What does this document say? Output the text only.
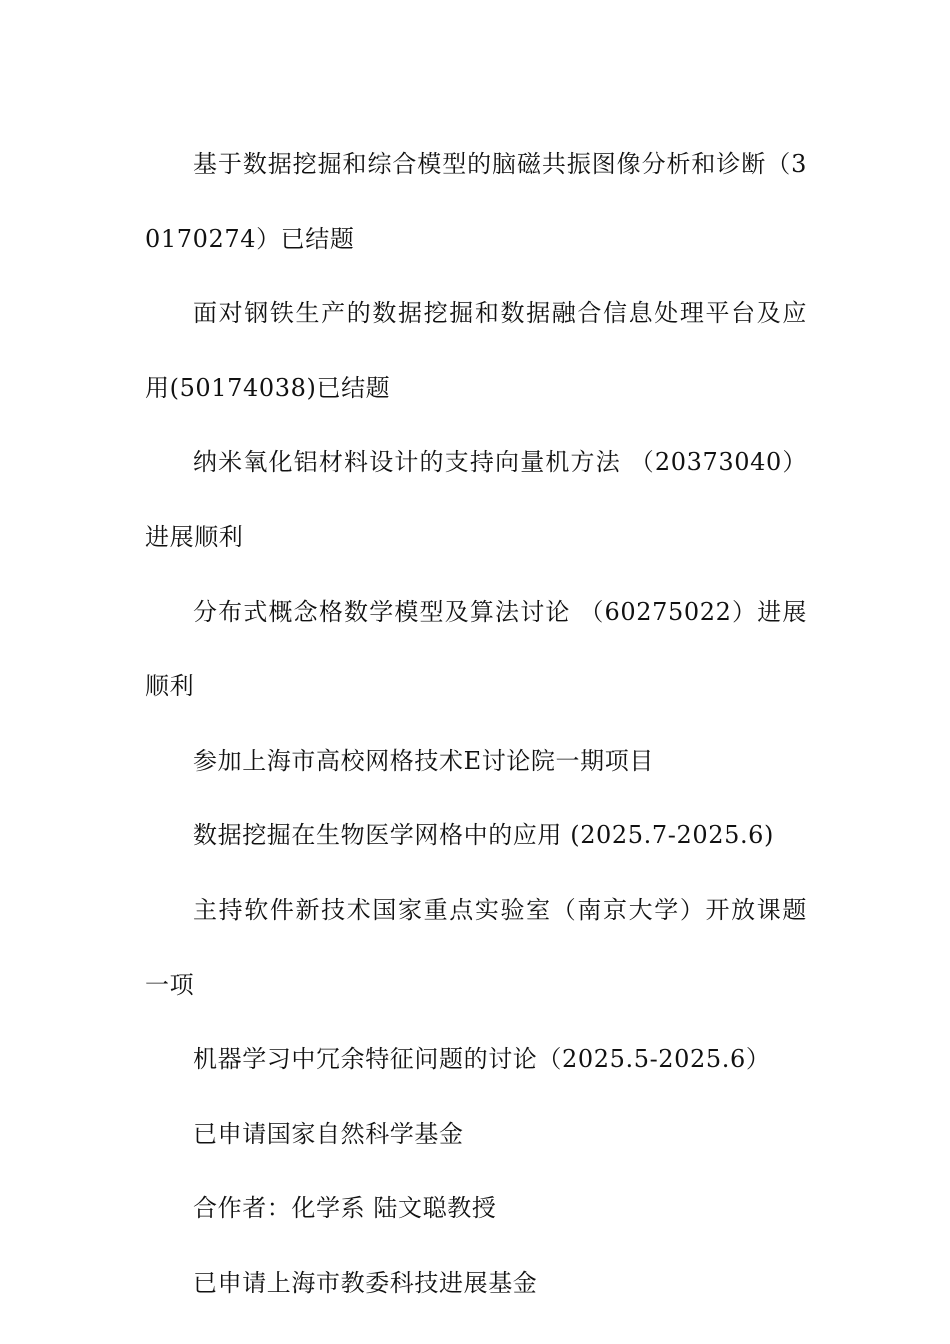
基于数据挖掘和综合模型的脑磁共振图像分析和诊断（30170274）已结题

面对钢铁生产的数据挖掘和数据融合信息处理平台及应用(50174038)已结题

纳米氧化铝材料设计的支持向量机方法 （20373040）进展顺利

分布式概念格数学模型及算法讨论 （60275022）进展顺利

参加上海市高校网格技术E讨论院一期项目

数据挖掘在生物医学网格中的应用 (2025.7-2025.6)

主持软件新技术国家重点实验室（南京大学）开放课题一项

机器学习中冗余特征问题的讨论（2025.5-2025.6）

已申请国家自然科学基金

合作者：化学系 陆文聪教授

已申请上海市教委科技进展基金
